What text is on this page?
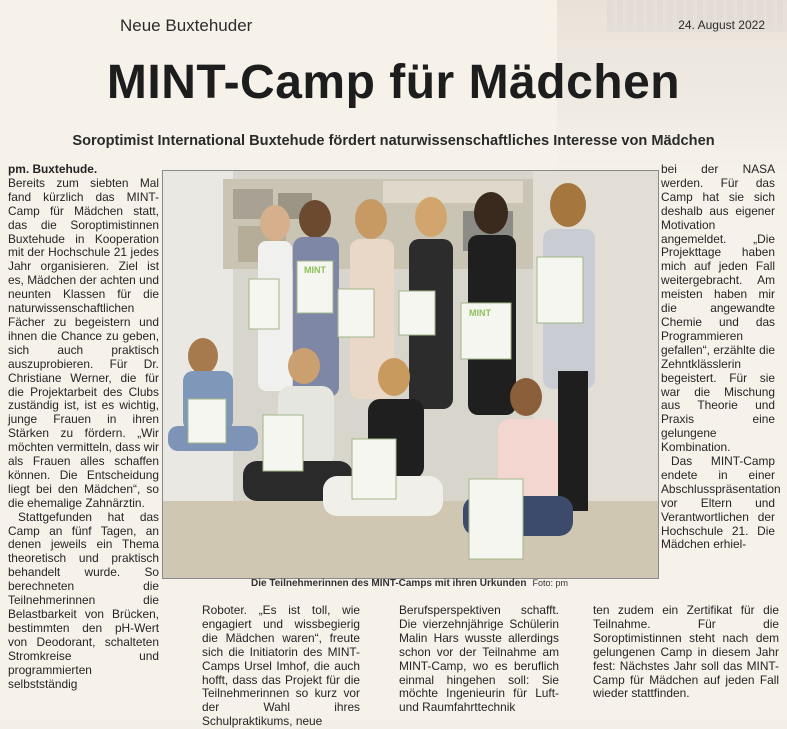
Neue Buxtehuder	24. August 2022
MINT-Camp für Mädchen
Soroptimist International Buxtehude fördert naturwissenschaftliches Interesse von Mädchen

pm. Buxtehude.

Bereits zum siebten Mal fand kürzlich das MINT-Camp für Mädchen statt, das die Soroptimistinnen Buxtehude in Kooperation mit der Hochschule 21 jedes Jahr organisieren. Ziel ist es, Mädchen der achten und neunten Klassen für die naturwissenschaftlichen Fächer zu begeistern und ihnen die Chance zu geben, sich auch praktisch auszuprobieren. Für Dr. Christiane Werner, die für die Projektarbeit des Clubs zuständig ist, ist es wichtig, junge Frauen in ihren Stärken zu fördern. „Wir möchten vermitteln, dass wir als Frauen alles schaffen können. Die Entscheidung liegt bei den Mädchen“, so die ehemalige Zahnärztin.

Stattgefunden hat das Camp an fünf Tagen, an denen jeweils ein Thema theoretisch und praktisch behandelt wurde. So berechneten die Teilnehmerinnen die Belastbarkeit von Brücken, bestimmten den pH-Wert von Deodorant, schalteten Stromkreise und programmierten selbstständig

MINT
MINT
Die Teilnehmerinnen des MINT-Camps mit ihren Urkunden Foto: pm

Roboter. „Es ist toll, wie engagiert und wissbegierig die Mädchen waren“, freute sich die Initiatorin des MINT-Camps Ursel Imhof, die auch hofft, dass das Projekt für die Teilnehmerinnen so kurz vor der Wahl ihres Schulpraktikums, neue

Berufsperspektiven schafft. Die vierzehnjährige Schülerin Malin Hars wusste allerdings schon vor der Teilnahme am MINT-Camp, wo es beruflich einmal hingehen soll: Sie möchte Ingenieurin für Luft- und Raumfahrttechnik

ten zudem ein Zertifikat für die Teilnahme. Für die Soroptimistinnen steht nach dem gelungenen Camp in diesem Jahr fest: Nächstes Jahr soll das MINT-Camp für Mädchen auf jeden Fall wieder stattfinden.

bei der NASA werden. Für das Camp hat sie sich deshalb aus eigener Motivation angemeldet. „Die Projekttage haben mich auf jeden Fall weitergebracht. Am meisten haben mir die angewandte Chemie und das Programmieren gefallen“, erzählte die Zehntklässlerin begeistert. Für sie war die Mischung aus Theorie und Praxis eine gelungene Kombination.

Das MINT-Camp endete in einer Abschlusspräsentation vor Eltern und Verantwortlichen der Hochschule 21. Die Mädchen erhiel-
